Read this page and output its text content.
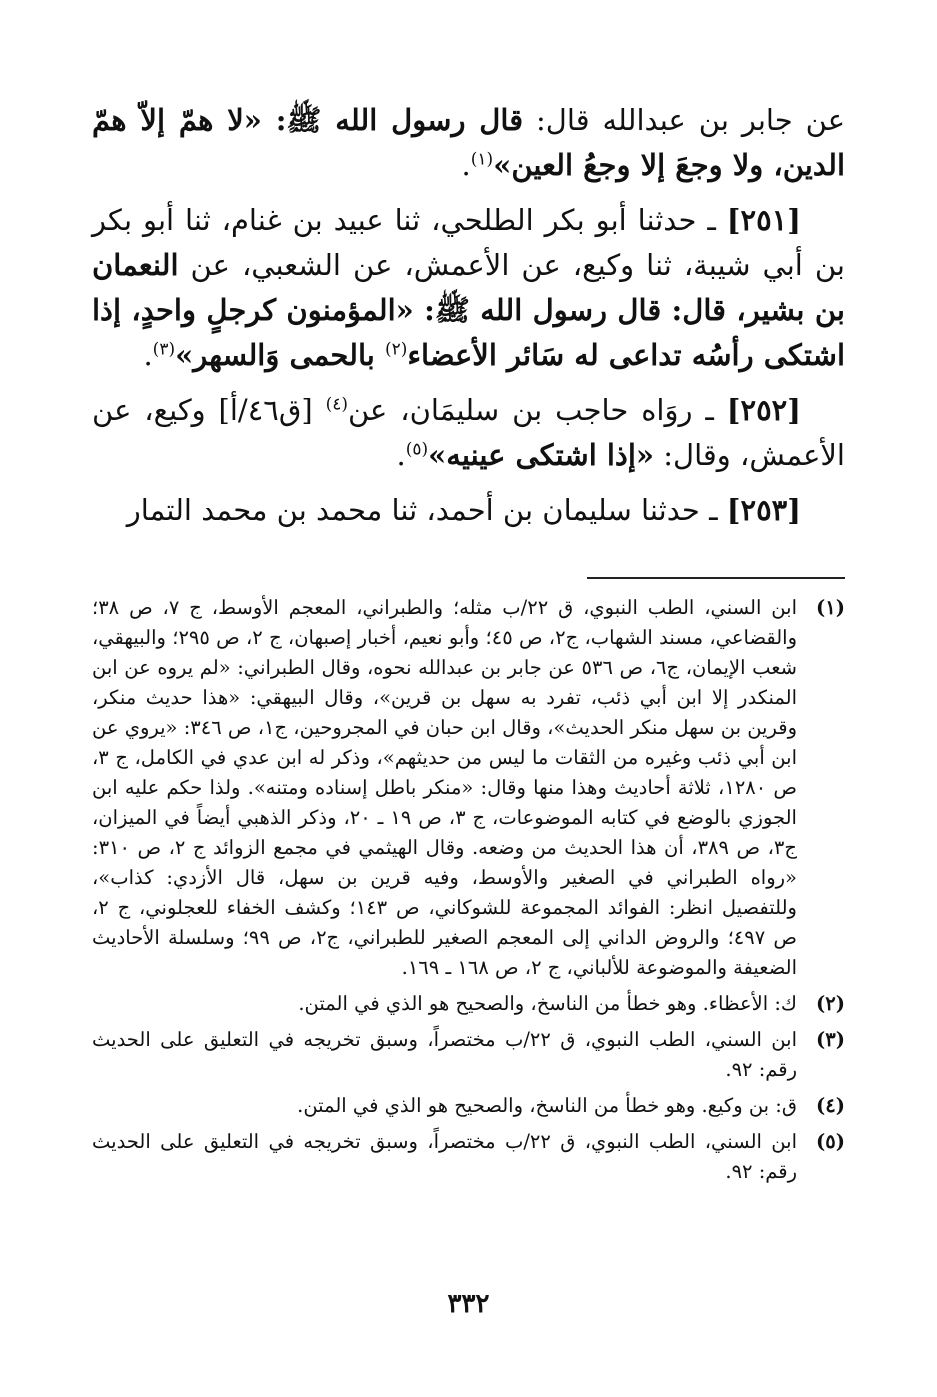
عن جابر بن عبدالله قال: قال رسول الله ﷺ: «لا همّ إلاّ همّ الدين، ولا وجعَ إلا وجعُ العين»$^{(١)}$.

[٢٥١] ـ حدثنا أبو بكر الطلحي، ثنا عبيد بن غنام، ثنا أبو بكر بن أبي شيبة، ثنا وكيع، عن الأعمش، عن الشعبي، عن النعمان بن بشير، قال: قال رسول الله ﷺ: «المؤمنون كرجلٍ واحدٍ، إذا اشتكى رأسُه تداعى له سَائر الأعضاء$^{(٢)}$ بالحمى وَالسهر»$^{(٣)}$.

[٢٥٢] ـ روَاه حاجب بن سليمَان، عن$^{(٤)}$ [ق٤٦/أ] وكيع، عن الأعمش، وقال: «إذا اشتكى عينيه»$^{(٥)}$.

[٢٥٣] ـ حدثنا سليمان بن أحمد، ثنا محمد بن محمد التمار

(١)
ابن السني، الطب النبوي، ق ٢٢/ب مثله؛ والطبراني، المعجم الأوسط، ج ٧، ص ٣٨؛ والقضاعي، مسند الشهاب، ج٢، ص ٤٥؛ وأبو نعيم، أخبار إصبهان، ج ٢، ص ٢٩٥؛ والبيهقي، شعب الإيمان، ج٦، ص ٥٣٦ عن جابر بن عبدالله نحوه، وقال الطبراني: «لم يروه عن ابن المنكدر إلا ابن أبي ذئب، تفرد به سهل بن قرين»، وقال البيهقي: «هذا حديث منكر، وقرين بن سهل منكر الحديث»، وقال ابن حبان في المجروحين، ج١، ص ٣٤٦: «يروي عن ابن أبي ذئب وغيره من الثقات ما ليس من حديثهم»، وذكر له ابن عدي في الكامل، ج ٣، ص ١٢٨٠، ثلاثة أحاديث وهذا منها وقال: «منكر باطل إسناده ومتنه». ولذا حكم عليه ابن الجوزي بالوضع في كتابه الموضوعات، ج ٣، ص ١٩ ـ ٢٠، وذكر الذهبي أيضاً في الميزان، ج٣، ص ٣٨٩، أن هذا الحديث من وضعه. وقال الهيثمي في مجمع الزوائد ج ٢، ص ٣١٠: «رواه الطبراني في الصغير والأوسط، وفيه قرين بن سهل، قال الأزدي: كذاب»، وللتفصيل انظر: الفوائد المجموعة للشوكاني، ص ١٤٣؛ وكشف الخفاء للعجلوني، ج ٢، ص ٤٩٧؛ والروض الداني إلى المعجم الصغير للطبراني، ج٢، ص ٩٩؛ وسلسلة الأحاديث الضعيفة والموضوعة للألباني، ج ٢، ص ١٦٨ ـ ١٦٩.
(٢)
ك: الأعظاء. وهو خطأ من الناسخ، والصحيح هو الذي في المتن.
(٣)
ابن السني، الطب النبوي، ق ٢٢/ب مختصراً، وسبق تخريجه في التعليق على الحديث رقم: ٩٢.
(٤)
ق: بن وكيع. وهو خطأ من الناسخ، والصحيح هو الذي في المتن.
(٥)
ابن السني، الطب النبوي، ق ٢٢/ب مختصراً، وسبق تخريجه في التعليق على الحديث رقم: ٩٢.
٣٣٢
